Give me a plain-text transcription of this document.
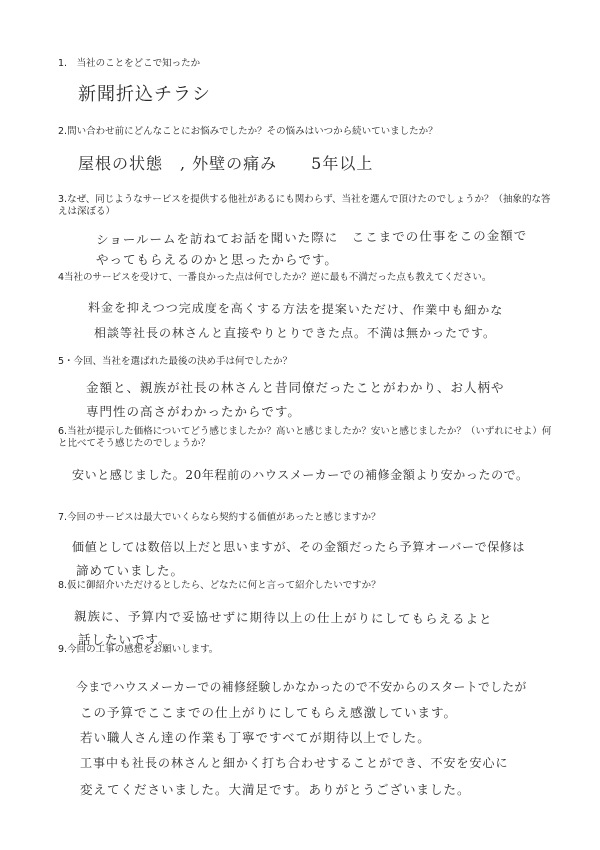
1.　当社のことをどこで知ったか
新聞折込チラシ
2.問い合わせ前にどんなことにお悩みでしたか？その悩みはいつから続いていましたか？
屋根の状態　, 外壁の痛み　　5年以上
3.なぜ、同じようなサービスを提供する他社があるにも関わらず、当社を選んで頂けたのでしょうか？（抽象的な答えは深ぼる）
ショールームを訪ねてお話を聞いた際に　ここまでの仕事をこの金額で
やってもらえるのかと思ったからです。
4当社のサービスを受けて、一番良かった点は何でしたか？逆に最も不満だった点も教えてください。
料金を抑えつつ完成度を高くする方法を提案いただけ、作業中も細かな
相談等社長の林さんと直接やりとりできた点。不満は無かったです。
5・今回、当社を選ばれた最後の決め手は何でしたか？
金額と、親族が社長の林さんと昔同僚だったことがわかり、お人柄や
専門性の高さがわかったからです。
6.当社が提示した価格についてどう感じましたか？高いと感じましたか？安いと感じましたか？（いずれにせよ）何と比べてそう感じたのでしょうか？
安いと感じました。20年程前のハウスメーカーでの補修金額より安かったので。
7.今回のサービスは最大でいくらなら契約する価値があったと感じますか？
価値としては数倍以上だと思いますが、その金額だったら予算オーバーで保修は
諦めていました。
8.仮に御紹介いただけるとしたら、どなたに何と言って紹介したいですか？
親族に、予算内で妥協せずに期待以上の仕上がりにしてもらえるよと
話したいです。
9.今回の工事の感想をお願いします。
今までハウスメーカーでの補修経験しかなかったので不安からのスタートでしたが
この予算でここまでの仕上がりにしてもらえ感激しています。
若い職人さん達の作業も丁寧ですべてが期待以上でした。
工事中も社長の林さんと細かく打ち合わせすることができ、不安を安心に
変えてくださいました。大満足です。ありがとうございました。
